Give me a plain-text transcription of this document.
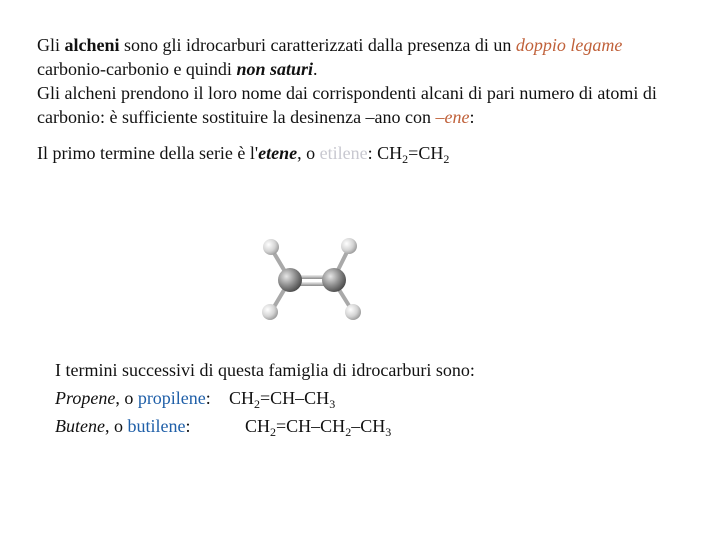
Gli alcheni sono gli idrocarburi caratterizzati dalla presenza di un doppio legame carbonio-carbonio e quindi non saturi.
Gli alcheni prendono il loro nome dai corrispondenti alcani di pari numero di atomi di carbonio: è sufficiente sostituire la desinenza –ano con –ene:

Il primo termine della serie è l'etene, o etilene: $CH_2=CH_2$

I termini successivi di questa famiglia di idrocarburi sono:
Propene, o propilene: $CH_2=CH-CH_3$
Butene, o butilene:	$CH_2=CH-CH_2-CH_3$
